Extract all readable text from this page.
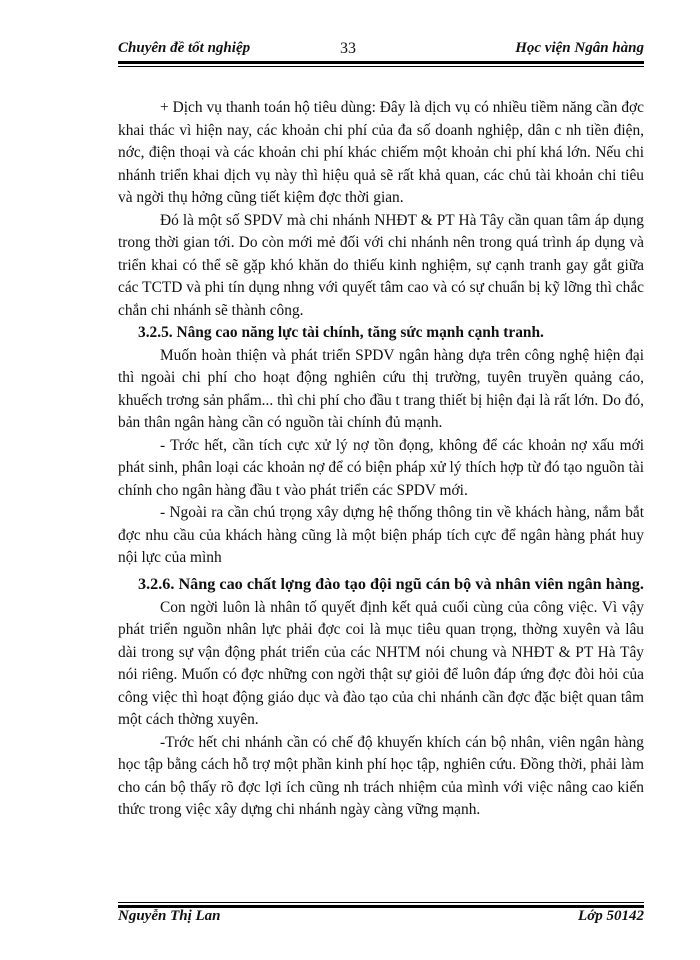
Chuyên đề tốt nghiệp	33	Học viện Ngân hàng

+ Dịch vụ thanh toán hộ tiêu dùng: Đây là dịch vụ có nhiều tiềm năng cần đợc khai thác vì hiện nay, các khoản chi phí của đa số doanh nghiệp, dân c nh tiền điện, nớc, điện thoại và các khoản chi phí khác chiếm một khoản chi phí khá lớn. Nếu chi nhánh triển khai dịch vụ này thì hiệu quả sẽ rất khả quan, các chủ tài khoản chi tiêu và ngời thụ hởng cũng tiết kiệm đợc thời gian.

Đó là một số SPDV mà chi nhánh NHĐT & PT Hà Tây cần quan tâm áp dụng trong thời gian tới. Do còn mới mẻ đối với chi nhánh nên trong quá trình áp dụng và triển khai có thể sẽ gặp khó khăn do thiếu kinh nghiệm, sự cạnh tranh gay gắt giữa các TCTD và phi tín dụng nhng với quyết tâm cao và có sự chuẩn bị kỹ lỡng thì chắc chắn chi nhánh sẽ thành công.

3.2.5. Nâng cao năng lực tài chính, tăng sức mạnh cạnh tranh.

Muốn hoàn thiện và phát triển SPDV ngân hàng dựa trên công nghệ hiện đại thì ngoài chi phí cho hoạt động nghiên cứu thị trường, tuyên truyền quảng cáo, khuếch trơng sản phẩm... thì chi phí cho đầu t trang thiết bị hiện đại là rất lớn. Do đó, bản thân ngân hàng cần có nguồn tài chính đủ mạnh.

- Trớc hết, cần tích cực xử lý nợ tồn đọng, không để các khoản nợ xấu mới phát sinh, phân loại các khoản nợ để có biện pháp xử lý thích hợp từ đó tạo nguồn tài chính cho ngân hàng đầu t vào phát triển các SPDV mới.

- Ngoài ra cần chú trọng xây dựng hệ thống thông tin về khách hàng, nắm bắt đợc nhu cầu của khách hàng cũng là một biện pháp tích cực để ngân hàng phát huy nội lực của mình

3.2.6. Nâng cao chất lợng đào tạo đội ngũ cán bộ và nhân viên ngân hàng.

Con ngời luôn là nhân tố quyết định kết quả cuối cùng của công việc. Vì vậy phát triển nguồn nhân lực phải đợc coi là mục tiêu quan trọng, thờng xuyên và lâu dài trong sự vận động phát triển của các NHTM nói chung và NHĐT & PT Hà Tây nói riêng. Muốn có đợc những con ngời thật sự giỏi để luôn đáp ứng đợc đòi hỏi của công việc thì hoạt động giáo dục và đào tạo của chi nhánh cần đợc đặc biệt quan tâm một cách thờng xuyên.

-Trớc hết chi nhánh cần có chế độ khuyến khích cán bộ nhân, viên ngân hàng học tập bằng cách hỗ trợ một phần kinh phí học tập, nghiên cứu. Đồng thời, phải làm cho cán bộ thấy rõ đợc lợi ích cũng nh trách nhiệm của mình với việc nâng cao kiến thức trong việc xây dựng chi nhánh ngày càng vững mạnh.

Nguyễn Thị Lan	Lớp 50142
